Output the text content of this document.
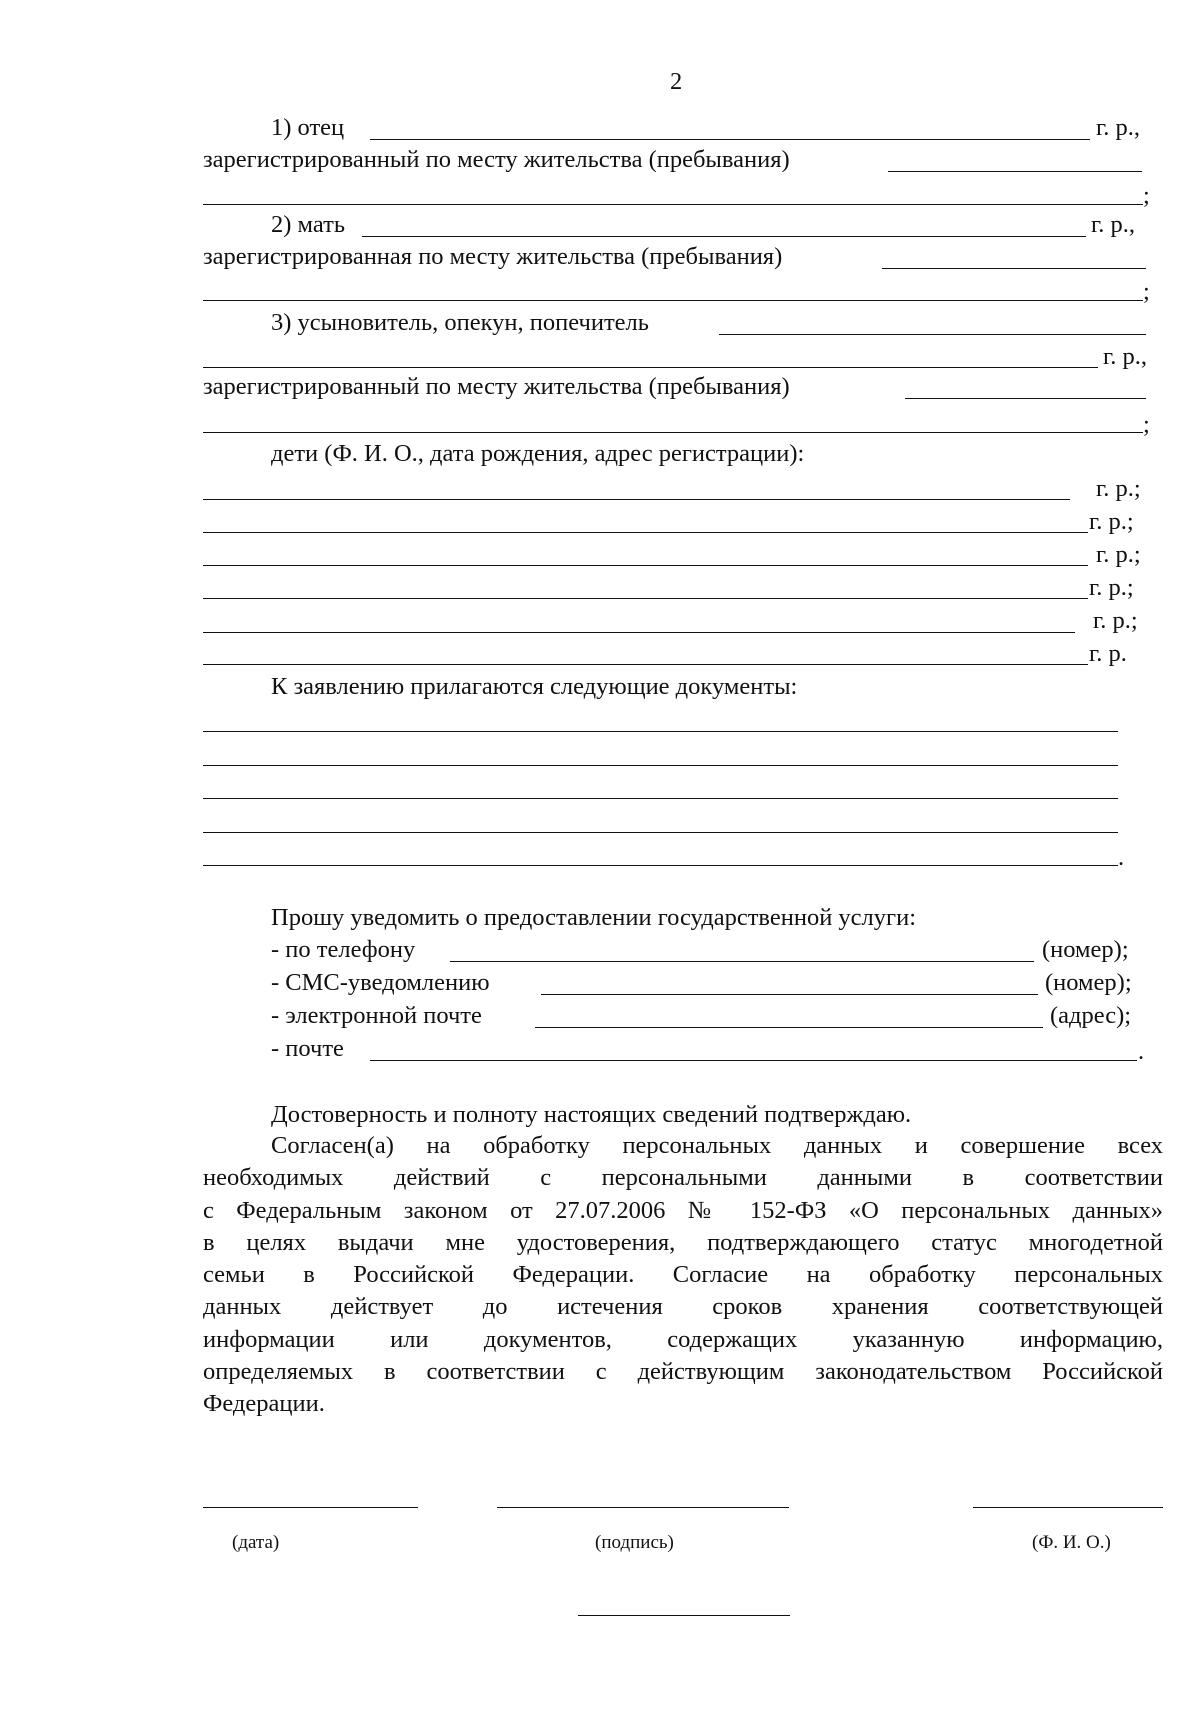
2
1) отец	г. р.,
зарегистрированный по месту жительства (пребывания)
;
2) мать	г. р.,
зарегистрированная по месту жительства (пребывания)
;
3) усыновитель, опекун, попечитель
г. р.,
зарегистрированный по месту жительства (пребывания)
;
дети (Ф. И. О., дата рождения, адрес регистрации):
г. р.;
г. р.;
г. р.;
г. р.;
г. р.;
г. р.
К заявлению прилагаются следующие документы:
.
Прошу уведомить о предоставлении государственной услуги:
- по телефону	(номер);
- СМС-уведомлению	(номер);
- электронной почте	(адрес);
- почте	.
Достоверность и полноту настоящих сведений подтверждаю.
Согласен(а) на обработку персональных данных и совершение всех
необходимых действий с персональными данными в соответствии
с Федеральным законом от 27.07.2006 № 152-ФЗ «О персональных данных»
в целях выдачи мне удостоверения, подтверждающего статус многодетной
семьи в Российской Федерации. Согласие на обработку персональных
данных действует до истечения сроков хранения соответствующей
информации или документов, содержащих указанную информацию,
определяемых в соответствии с действующим законодательством Российской
Федерации.
(дата)	(подпись)	(Ф. И. О.)
